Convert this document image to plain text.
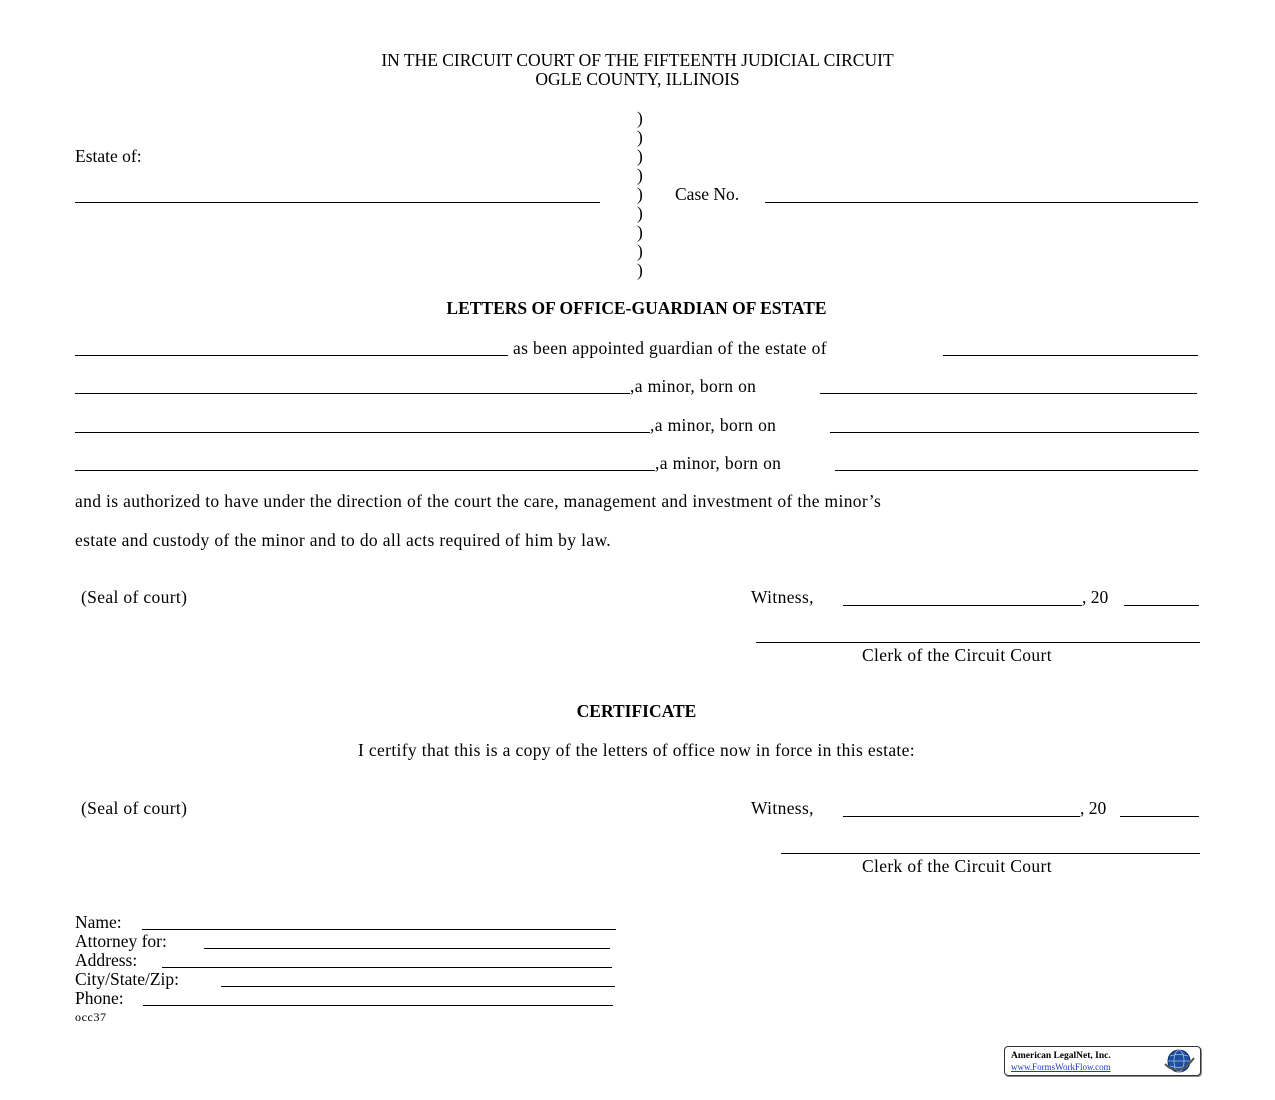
IN THE CIRCUIT COURT OF THE FIFTEENTH JUDICIAL CIRCUIT
OGLE COUNTY, ILLINOIS
Estate of:
)
)
)
)
)
)
)
)
)
Case No.
LETTERS OF OFFICE-GUARDIAN OF ESTATE
as been appointed guardian of the estate of
,a minor, born on
,a minor, born on
,a minor, born on
and is authorized to have under the direction of the court the care, management and investment of the minor’s
estate and custody of the minor and to do all acts required of him by law.
(Seal of court)	Witness,	, 20
Clerk of the Circuit Court
CERTIFICATE
I certify that this is a copy of the letters of office now in force in this estate:
(Seal of court)	Witness,	, 20
Clerk of the Circuit Court
Name:
Attorney for:
Address:
City/State/Zip:
Phone:
occ37
American LegalNet, Inc.
www.FormsWorkFlow.com
